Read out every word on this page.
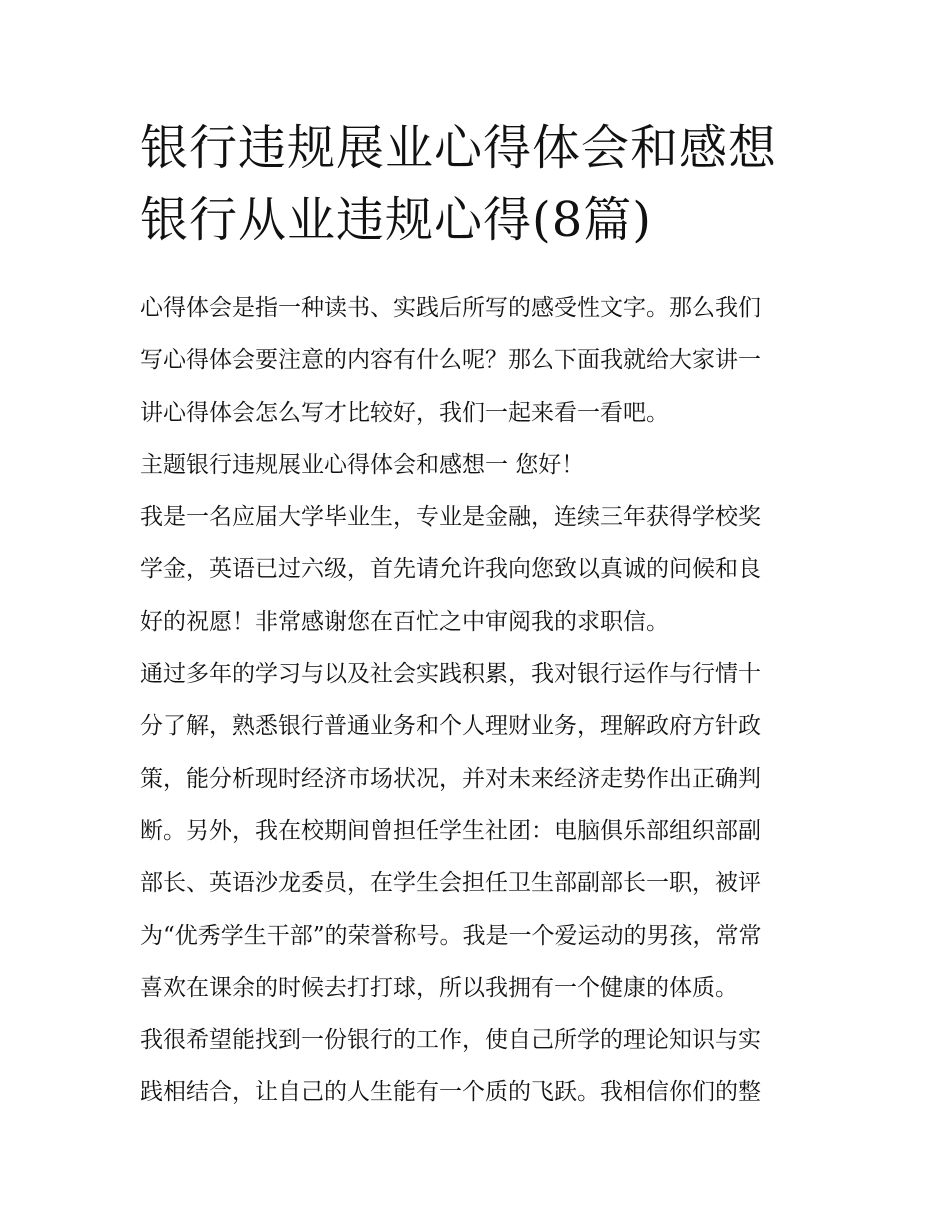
银行违规展业心得体会和感想
银行从业违规心得(8篇)
心得体会是指一种读书、实践后所写的感受性文字。那么我们
写心得体会要注意的内容有什么呢？那么下面我就给大家讲一
讲心得体会怎么写才比较好，我们一起来看一看吧。
主题银行违规展业心得体会和感想一 您好！
我是一名应届大学毕业生，专业是金融，连续三年获得学校奖
学金，英语已过六级，首先请允许我向您致以真诚的问候和良
好的祝愿！非常感谢您在百忙之中审阅我的求职信。
通过多年的学习与以及社会实践积累，我对银行运作与行情十
分了解，熟悉银行普通业务和个人理财业务，理解政府方针政
策，能分析现时经济市场状况，并对未来经济走势作出正确判
断。另外，我在校期间曾担任学生社团：电脑俱乐部组织部副
部长、英语沙龙委员，在学生会担任卫生部副部长一职，被评
为“优秀学生干部”的荣誉称号。我是一个爱运动的男孩，常常
喜欢在课余的时候去打打球，所以我拥有一个健康的体质。
我很希望能找到一份银行的工作，使自己所学的理论知识与实
践相结合，让自己的人生能有一个质的飞跃。我相信你们的整
